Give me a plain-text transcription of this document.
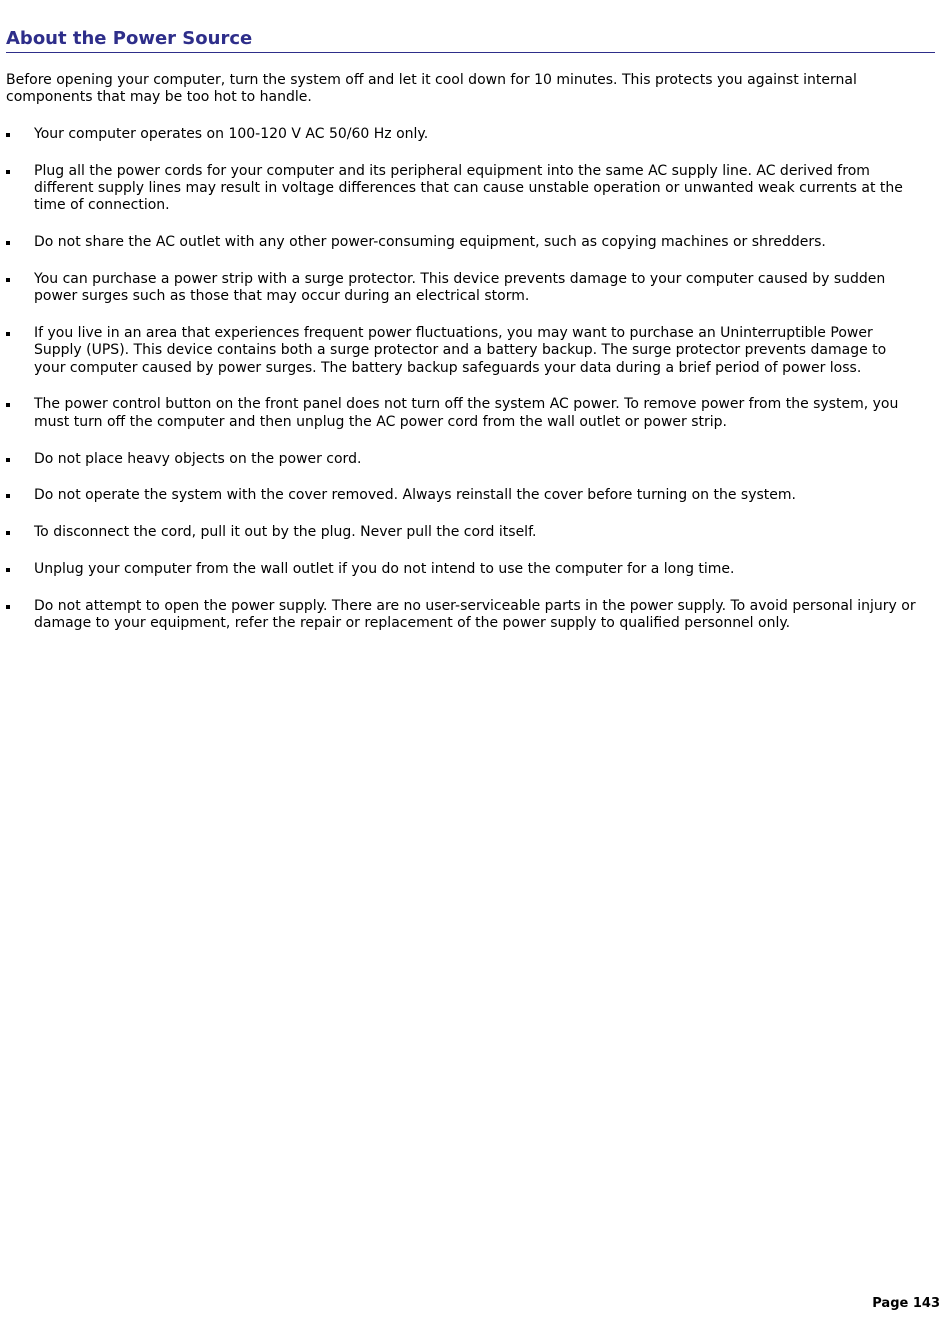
About the Power Source

Before opening your computer, turn the system off and let it cool down for 10 minutes. This protects you against internal components that may be too hot to handle.

Your computer operates on 100-120 V AC 50/60 Hz only.
Plug all the power cords for your computer and its peripheral equipment into the same AC supply line. AC derived from different supply lines may result in voltage differences that can cause unstable operation or unwanted weak currents at the time of connection.
Do not share the AC outlet with any other power-consuming equipment, such as copying machines or shredders.
You can purchase a power strip with a surge protector. This device prevents damage to your computer caused by sudden power surges such as those that may occur during an electrical storm.
If you live in an area that experiences frequent power fluctuations, you may want to purchase an Uninterruptible Power Supply (UPS). This device contains both a surge protector and a battery backup. The surge protector prevents damage to your computer caused by power surges. The battery backup safeguards your data during a brief period of power loss.
The power control button on the front panel does not turn off the system AC power. To remove power from the system, you must turn off the computer and then unplug the AC power cord from the wall outlet or power strip.
Do not place heavy objects on the power cord.
Do not operate the system with the cover removed. Always reinstall the cover before turning on the system.
To disconnect the cord, pull it out by the plug. Never pull the cord itself.
Unplug your computer from the wall outlet if you do not intend to use the computer for a long time.
Do not attempt to open the power supply. There are no user-serviceable parts in the power supply. To avoid personal injury or damage to your equipment, refer the repair or replacement of the power supply to qualified personnel only.
Page 143
